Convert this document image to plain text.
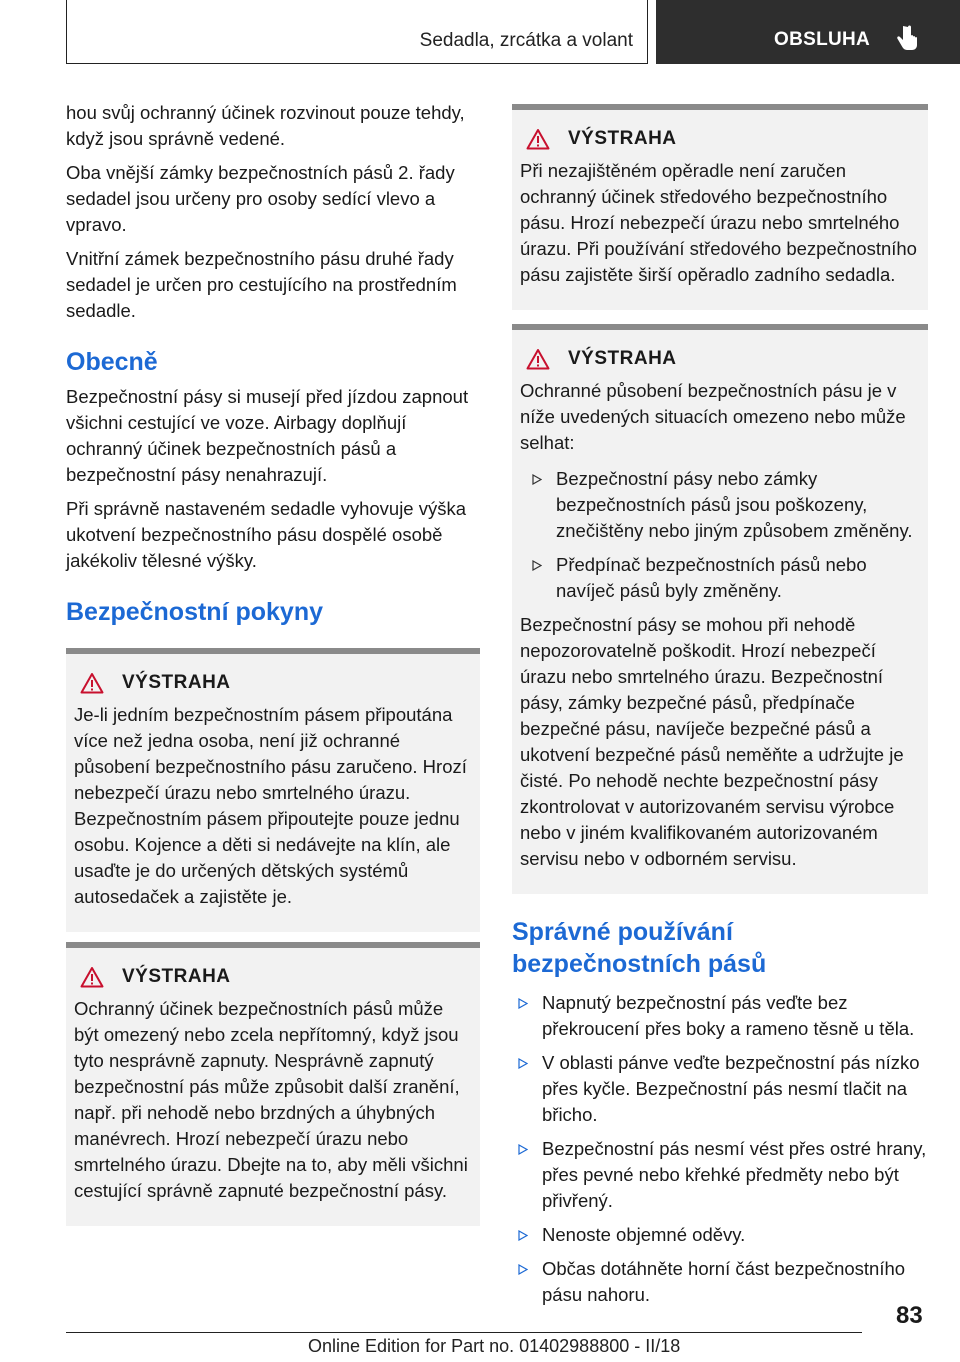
Sedadla, zrcátka a volant	OBSLUHA

hou svůj ochranný účinek rozvinout pouze tehdy, když jsou správně vedené.

Oba vnější zámky bezpečnostních pásů 2. řady sedadel jsou určeny pro osoby sedící vlevo a vpravo.

Vnitřní zámek bezpečnostního pásu druhé řady sedadel je určen pro cestujícího na prostředním sedadle.

Obecně

Bezpečnostní pásy si musejí před jízdou zapnout všichni cestující ve voze. Airbagy doplňují ochranný účinek bezpečnostních pásů a bezpečnostní pásy nenahrazují.

Při správně nastaveném sedadle vyhovuje výška ukotvení bezpečnostního pásu dospělé osobě jakékoliv tělesné výšky.

Bezpečnostní pokyny
VÝSTRAHA

Je-li jedním bezpečnostním pásem připoutána více než jedna osoba, není již ochranné působení bezpečnostního pásu zaručeno. Hrozí nebezpečí úrazu nebo smrtelného úrazu. Bezpečnostním pásem připoutejte pouze jednu osobu. Kojence a děti si nedávejte na klín, ale usaďte je do určených dětských systémů autosedaček a zajistěte je.

VÝSTRAHA

Ochranný účinek bezpečnostních pásů může být omezený nebo zcela nepřítomný, když jsou tyto nesprávně zapnuty. Nesprávně zapnutý bezpečnostní pás může způsobit další zranění, např. při nehodě nebo brzdných a úhybných manévrech. Hrozí nebezpečí úrazu nebo smrtelného úrazu. Dbejte na to, aby měli všichni cestující správně zapnuté bezpečnostní pásy.

VÝSTRAHA

Při nezajištěném opěradle není zaručen ochranný účinek středového bezpečnostního pásu. Hrozí nebezpečí úrazu nebo smrtelného úrazu. Při používání středového bezpečnostního pásu zajistěte širší opěradlo zadního sedadla.

VÝSTRAHA

Ochranné působení bezpečnostních pásu je v níže uvedených situacích omezeno nebo může selhat:

Bezpečnostní pásy nebo zámky bezpečnostních pásů jsou poškozeny, znečištěny nebo jiným způsobem změněny.
Předpínač bezpečnostních pásů nebo navíječ pásů byly změněny.

Bezpečnostní pásy se mohou při nehodě nepozorovatelně poškodit. Hrozí nebezpečí úrazu nebo smrtelného úrazu. Bezpečnostní pásy, zámky bezpečné pásů, předpínače bezpečné pásu, navíječe bezpečné pásů a ukotvení bezpečné pásů neměňte a udržujte je čisté. Po nehodě nechte bezpečnostní pásy zkontrolovat v autorizovaném servisu výrobce nebo v jiném kvalifikovaném autorizovaném servisu nebo v odborném servisu.

Správné používání bezpečnostních pásů
Napnutý bezpečnostní pás veďte bez překroucení přes boky a rameno těsně u těla.
V oblasti pánve veďte bezpečnostní pás nízko přes kyčle. Bezpečnostní pás nesmí tlačit na břicho.
Bezpečnostní pás nesmí vést přes ostré hrany, přes pevné nebo křehké předměty nebo být přivřený.
Nenoste objemné oděvy.
Občas dotáhněte horní část bezpečnostního pásu nahoru.
83
Online Edition for Part no. 01402988800 - II/18
